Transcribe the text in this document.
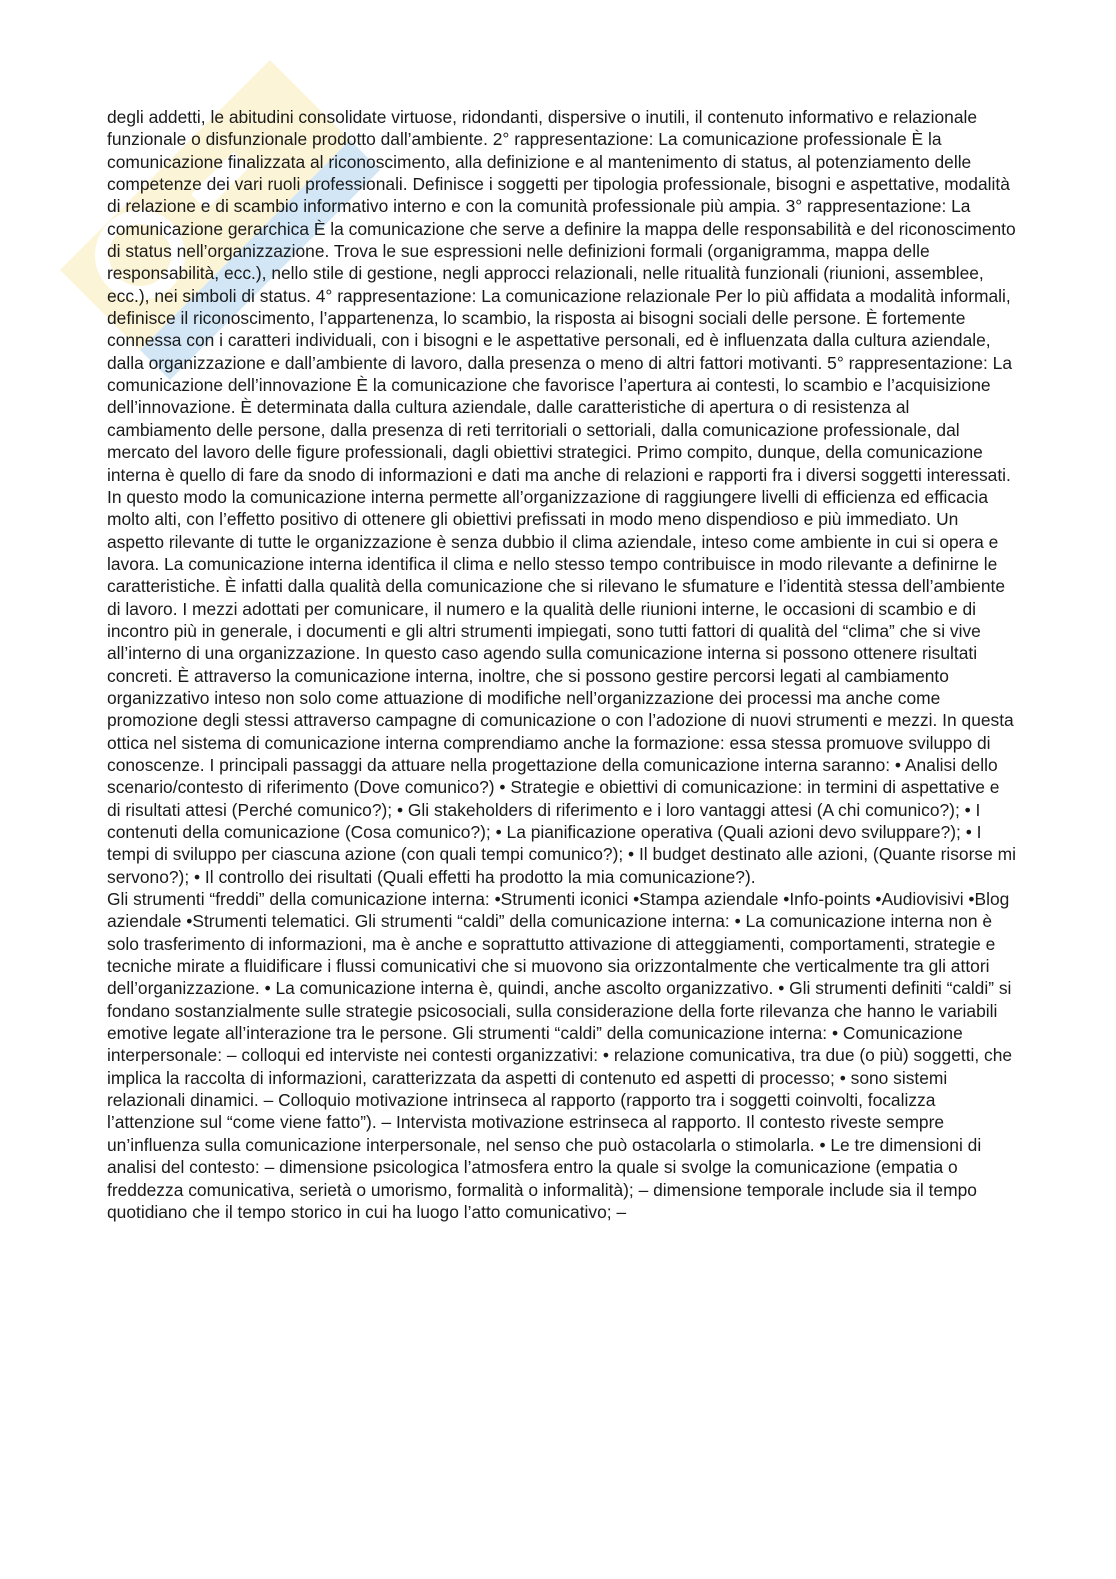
degli addetti, le abitudini consolidate virtuose, ridondanti, dispersive o inutili, il contenuto informativo e relazionale funzionale o disfunzionale prodotto dall’ambiente. 2° rappresentazione: La comunicazione professionale È la comunicazione finalizzata al riconoscimento, alla definizione e al mantenimento di status, al potenziamento delle competenze dei vari ruoli professionali. Definisce i soggetti per tipologia professionale, bisogni e aspettative, modalità di relazione e di scambio informativo interno e con la comunità professionale più ampia. 3° rappresentazione: La comunicazione gerarchica È la comunicazione che serve a definire la mappa delle responsabilità e del riconoscimento di status nell’organizzazione. Trova le sue espressioni nelle definizioni formali (organigramma, mappa delle responsabilità, ecc.), nello stile di gestione, negli approcci relazionali, nelle ritualità funzionali (riunioni, assemblee, ecc.), nei simboli di status. 4° rappresentazione: La comunicazione relazionale Per lo più affidata a modalità informali, definisce il riconoscimento, l’appartenenza, lo scambio, la risposta ai bisogni sociali delle persone. È fortemente connessa con i caratteri individuali, con i bisogni e le aspettative personali, ed è influenzata dalla cultura aziendale, dalla organizzazione e dall’ambiente di lavoro, dalla presenza o meno di altri fattori motivanti. 5° rappresentazione: La comunicazione dell’innovazione È la comunicazione che favorisce l’apertura ai contesti, lo scambio e l’acquisizione dell’innovazione. È determinata dalla cultura aziendale, dalle caratteristiche di apertura o di resistenza al cambiamento delle persone, dalla presenza di reti territoriali o settoriali, dalla comunicazione professionale, dal mercato del lavoro delle figure professionali, dagli obiettivi strategici. Primo compito, dunque, della comunicazione interna è quello di fare da snodo di informazioni e dati ma anche di relazioni e rapporti fra i diversi soggetti interessati. In questo modo la comunicazione interna permette all’organizzazione di raggiungere livelli di efficienza ed efficacia molto alti, con l’effetto positivo di ottenere gli obiettivi prefissati in modo meno dispendioso e più immediato. Un aspetto rilevante di tutte le organizzazione è senza dubbio il clima aziendale, inteso come ambiente in cui si opera e lavora. La comunicazione interna identifica il clima e nello stesso tempo contribuisce in modo rilevante a definirne le caratteristiche. È infatti dalla qualità della comunicazione che si rilevano le sfumature e l’identità stessa dell’ambiente di lavoro. I mezzi adottati per comunicare, il numero e la qualità delle riunioni interne, le occasioni di scambio e di incontro più in generale, i documenti e gli altri strumenti impiegati, sono tutti fattori di qualità del “clima” che si vive all’interno di una organizzazione. In questo caso agendo sulla comunicazione interna si possono ottenere risultati concreti. È attraverso la comunicazione interna, inoltre, che si possono gestire percorsi legati al cambiamento organizzativo inteso non solo come attuazione di modifiche nell’organizzazione dei processi ma anche come promozione degli stessi attraverso campagne di comunicazione o con l’adozione di nuovi strumenti e mezzi. In questa ottica nel sistema di comunicazione interna comprendiamo anche la formazione: essa stessa promuove sviluppo di conoscenze. I principali passaggi da attuare nella progettazione della comunicazione interna saranno: • Analisi dello scenario/contesto di riferimento (Dove comunico?) • Strategie e obiettivi di comunicazione: in termini di aspettative e di risultati attesi (Perché comunico?); • Gli stakeholders di riferimento e i loro vantaggi attesi (A chi comunico?); • I contenuti della comunicazione (Cosa comunico?); • La pianificazione operativa (Quali azioni devo sviluppare?); • I tempi di sviluppo per ciascuna azione (con quali tempi comunico?); • Il budget destinato alle azioni, (Quante risorse mi servono?); • Il controllo dei risultati (Quali effetti ha prodotto la mia comunicazione?).

Gli strumenti “freddi” della comunicazione interna: •Strumenti iconici •Stampa aziendale •Info-points •Audiovisivi •Blog aziendale •Strumenti telematici. Gli strumenti “caldi” della comunicazione interna: • La comunicazione interna non è solo trasferimento di informazioni, ma è anche e soprattutto attivazione di atteggiamenti, comportamenti, strategie e tecniche mirate a fluidificare i flussi comunicativi che si muovono sia orizzontalmente che verticalmente tra gli attori dell’organizzazione. • La comunicazione interna è, quindi, anche ascolto organizzativo. • Gli strumenti definiti “caldi” si fondano sostanzialmente sulle strategie psicosociali, sulla considerazione della forte rilevanza che hanno le variabili emotive legate all’interazione tra le persone. Gli strumenti “caldi” della comunicazione interna: • Comunicazione interpersonale: – colloqui ed interviste nei contesti organizzativi: • relazione comunicativa, tra due (o più) soggetti, che implica la raccolta di informazioni, caratterizzata da aspetti di contenuto ed aspetti di processo; • sono sistemi relazionali dinamici. – Colloquio motivazione intrinseca al rapporto (rapporto tra i soggetti coinvolti, focalizza l’attenzione sul “come viene fatto”). – Intervista motivazione estrinseca al rapporto. Il contesto riveste sempre un’influenza sulla comunicazione interpersonale, nel senso che può ostacolarla o stimolarla. • Le tre dimensioni di analisi del contesto: – dimensione psicologica l’atmosfera entro la quale si svolge la comunicazione (empatia o freddezza comunicativa, serietà o umorismo, formalità o informalità); – dimensione temporale include sia il tempo quotidiano che il tempo storico in cui ha luogo l’atto comunicativo; –
